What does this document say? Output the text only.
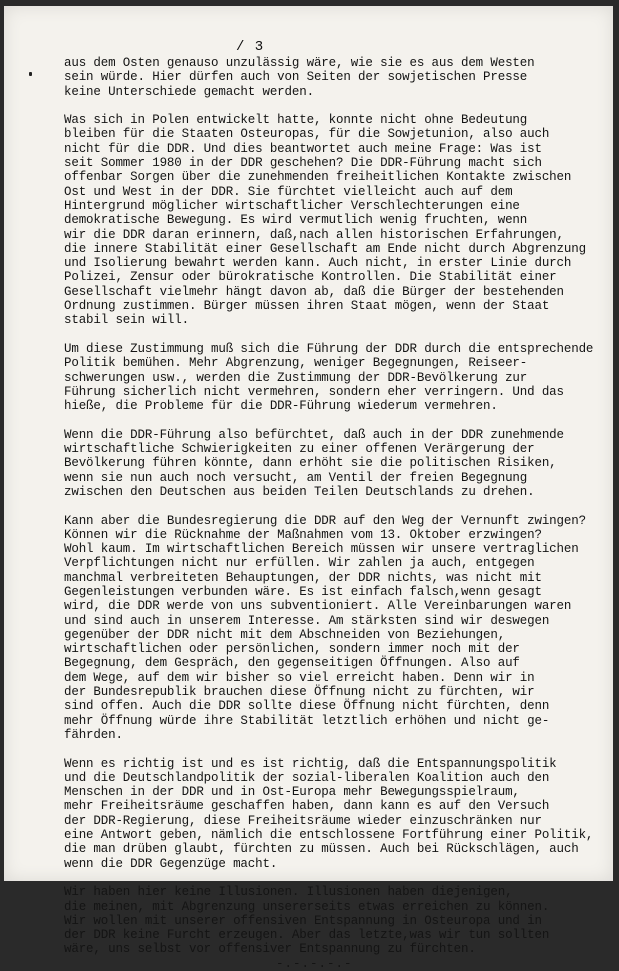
/ 3
aus dem Osten genauso unzulässig wäre, wie sie es aus dem Westen
sein würde. Hier dürfen auch von Seiten der sowjetischen Presse
keine Unterschiede gemacht werden.
Was sich in Polen entwickelt hatte, konnte nicht ohne Bedeutung
bleiben für die Staaten Osteuropas, für die Sowjetunion, also auch
nicht für die DDR. Und dies beantwortet auch meine Frage: Was ist
seit Sommer 1980 in der DDR geschehen? Die DDR-Führung macht sich
offenbar Sorgen über die zunehmenden freiheitlichen Kontakte zwischen
Ost und West in der DDR. Sie fürchtet vielleicht auch auf dem
Hintergrund möglicher wirtschaftlicher Verschlechterungen eine
demokratische Bewegung. Es wird vermutlich wenig fruchten, wenn
wir die DDR daran erinnern, daß,nach allen historischen Erfahrungen,
die innere Stabilität einer Gesellschaft am Ende nicht durch Abgrenzung
und Isolierung bewahrt werden kann. Auch nicht, in erster Linie durch
Polizei, Zensur oder bürokratische Kontrollen. Die Stabilität einer
Gesellschaft vielmehr hängt davon ab, daß die Bürger der bestehenden
Ordnung zustimmen. Bürger müssen ihren Staat mögen, wenn der Staat
stabil sein will.
Um diese Zustimmung muß sich die Führung der DDR durch die entsprechende
Politik bemühen. Mehr Abgrenzung, weniger Begegnungen, Reiseer-
schwerungen usw., werden die Zustimmung der DDR-Bevölkerung zur
Führung sicherlich nicht vermehren, sondern eher verringern. Und das
hieße, die Probleme für die DDR-Führung wiederum vermehren.
Wenn die DDR-Führung also befürchtet, daß auch in der DDR zunehmende
wirtschaftliche Schwierigkeiten zu einer offenen Verärgerung der
Bevölkerung führen könnte, dann erhöht sie die politischen Risiken,
wenn sie nun auch noch versucht, am Ventil der freien Begegnung
zwischen den Deutschen aus beiden Teilen Deutschlands zu drehen.
Kann aber die Bundesregierung die DDR auf den Weg der Vernunft zwingen?
Können wir die Rücknahme der Maßnahmen vom 13. Oktober erzwingen?
Wohl kaum. Im wirtschaftlichen Bereich müssen wir unsere vertraglichen
Verpflichtungen nicht nur erfüllen. Wir zahlen ja auch, entgegen
manchmal verbreiteten Behauptungen, der DDR nichts, was nicht mit
Gegenleistungen verbunden wäre. Es ist einfach falsch,wenn gesagt
wird, die DDR werde von uns subventioniert. Alle Vereinbarungen waren
und sind auch in unserem Interesse. Am stärksten sind wir deswegen
gegenüber der DDR nicht mit dem Abschneiden von Beziehungen,
wirtschaftlichen oder persönlichen, sondern immer noch mit der
Begegnung, dem Gespräch, den gegenseitigen Öffnungen. Also auf
dem Wege, auf dem wir bisher so viel erreicht haben. Denn wir in
der Bundesrepublik brauchen diese Öffnung nicht zu fürchten, wir
sind offen. Auch die DDR sollte diese Öffnung nicht fürchten, denn
mehr Öffnung würde ihre Stabilität letztlich erhöhen und nicht ge-
fährden.
Wenn es richtig ist und es ist richtig, daß die Entspannungspolitik
und die Deutschlandpolitik der sozial-liberalen Koalition auch den
Menschen in der DDR und in Ost-Europa mehr Bewegungsspielraum,
mehr Freiheitsräume geschaffen haben, dann kann es auf den Versuch
der DDR-Regierung, diese Freiheitsräume wieder einzuschränken nur
eine Antwort geben, nämlich die entschlossene Fortführung einer Politik,
die man drüben glaubt, fürchten zu müssen. Auch bei Rückschlägen, auch
wenn die DDR Gegenzüge macht.
Wir haben hier keine Illusionen. Illusionen haben diejenigen,
die meinen, mit Abgrenzung unsererseits etwas erreichen zu können.
Wir wollen mit unserer offensiven Entspannung in Osteuropa und in
der DDR keine Furcht erzeugen. Aber das letzte,was wir tun sollten
wäre, uns selbst vor offensiver Entspannung zu fürchten.
-.-.-.-.-
